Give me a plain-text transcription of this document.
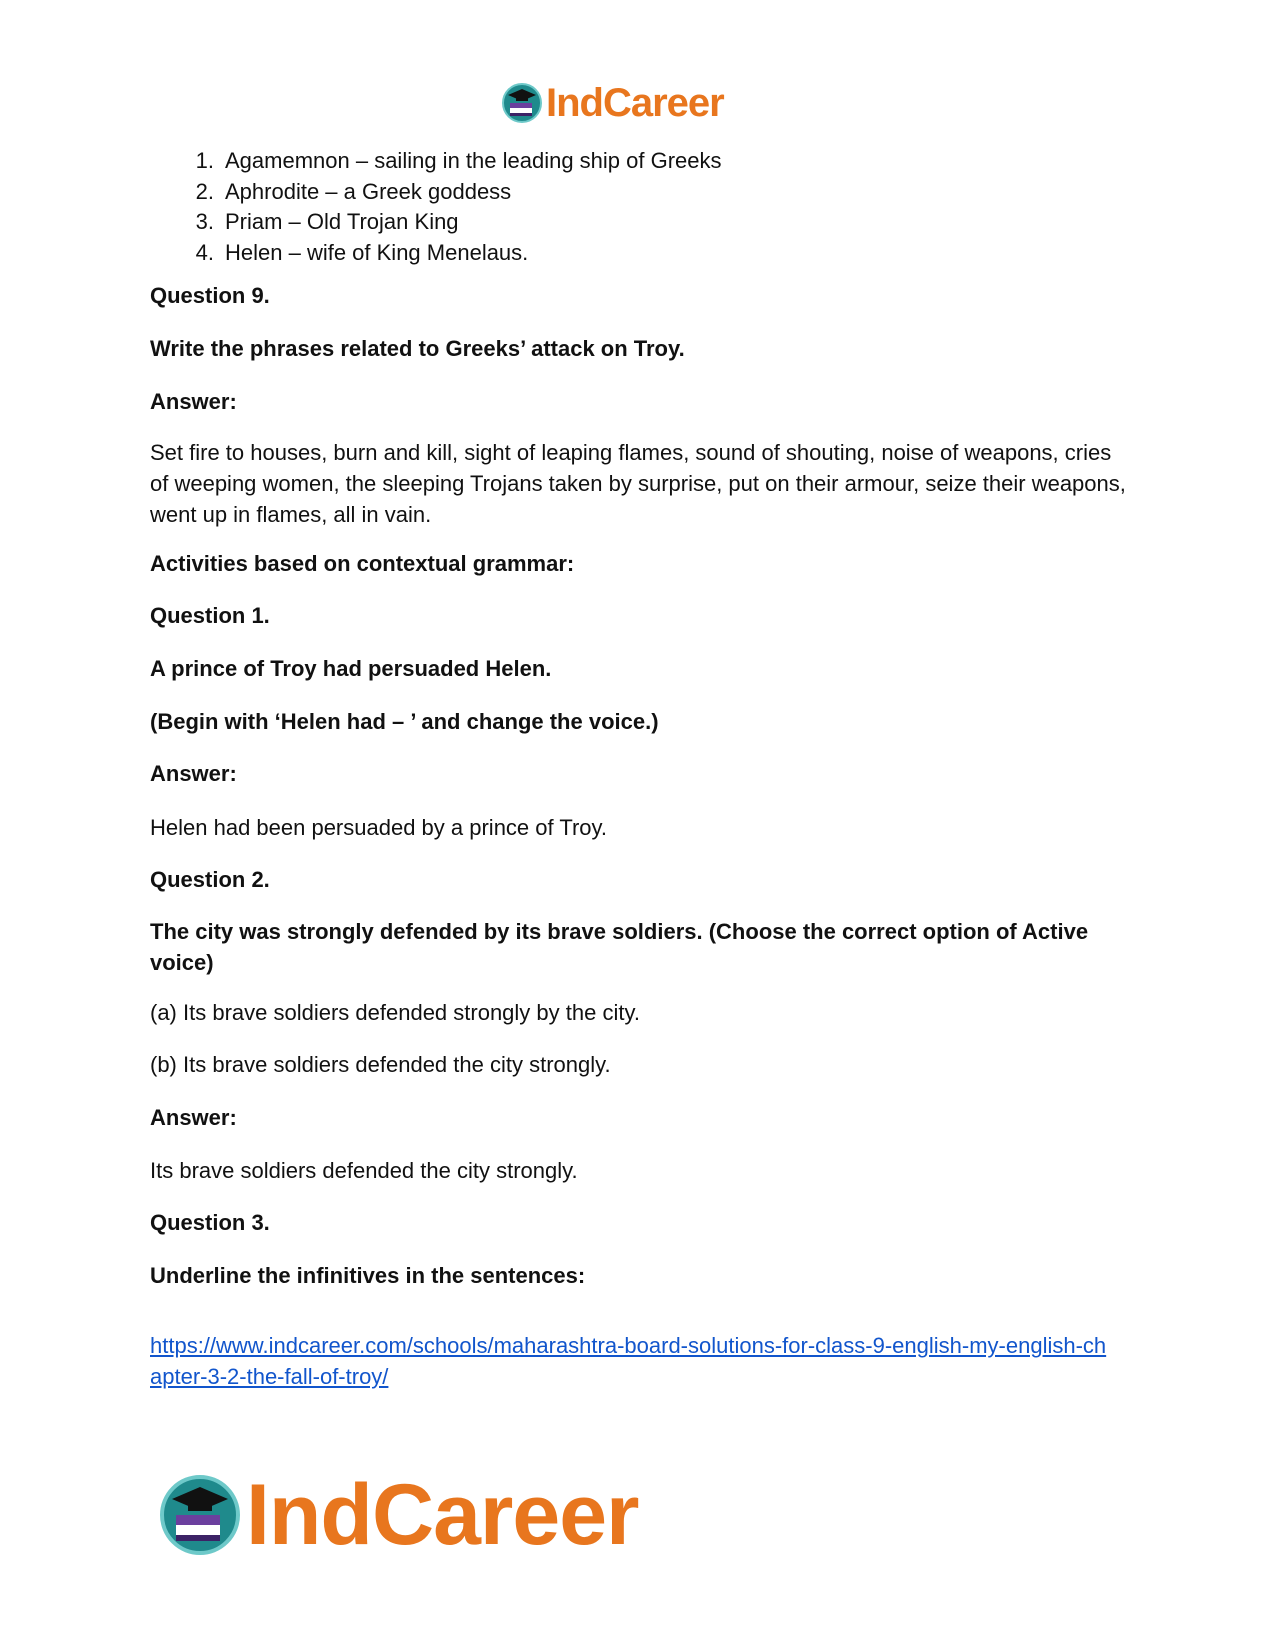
IndCareer
1. Agamemnon – sailing in the leading ship of Greeks
2. Aphrodite – a Greek goddess
3. Priam – Old Trojan King
4. Helen – wife of King Menelaus.

Question 9.

Write the phrases related to Greeks’ attack on Troy.

Answer:

Set fire to houses, burn and kill, sight of leaping flames, sound of shouting, noise of weapons, cries of weeping women, the sleeping Trojans taken by surprise, put on their armour, seize their weapons, went up in flames, all in vain.

Activities based on contextual grammar:

Question 1.

A prince of Troy had persuaded Helen.

(Begin with ‘Helen had – ’ and change the voice.)

Answer:

Helen had been persuaded by a prince of Troy.

Question 2.

The city was strongly defended by its brave soldiers. (Choose the correct option of Active voice)

(a) Its brave soldiers defended strongly by the city.

(b) Its brave soldiers defended the city strongly.

Answer:

Its brave soldiers defended the city strongly.

Question 3.

Underline the infinitives in the sentences:

https://www.indcareer.com/schools/maharashtra-board-solutions-for-class-9-english-my-english-chapter-3-2-the-fall-of-troy/

IndCareer
